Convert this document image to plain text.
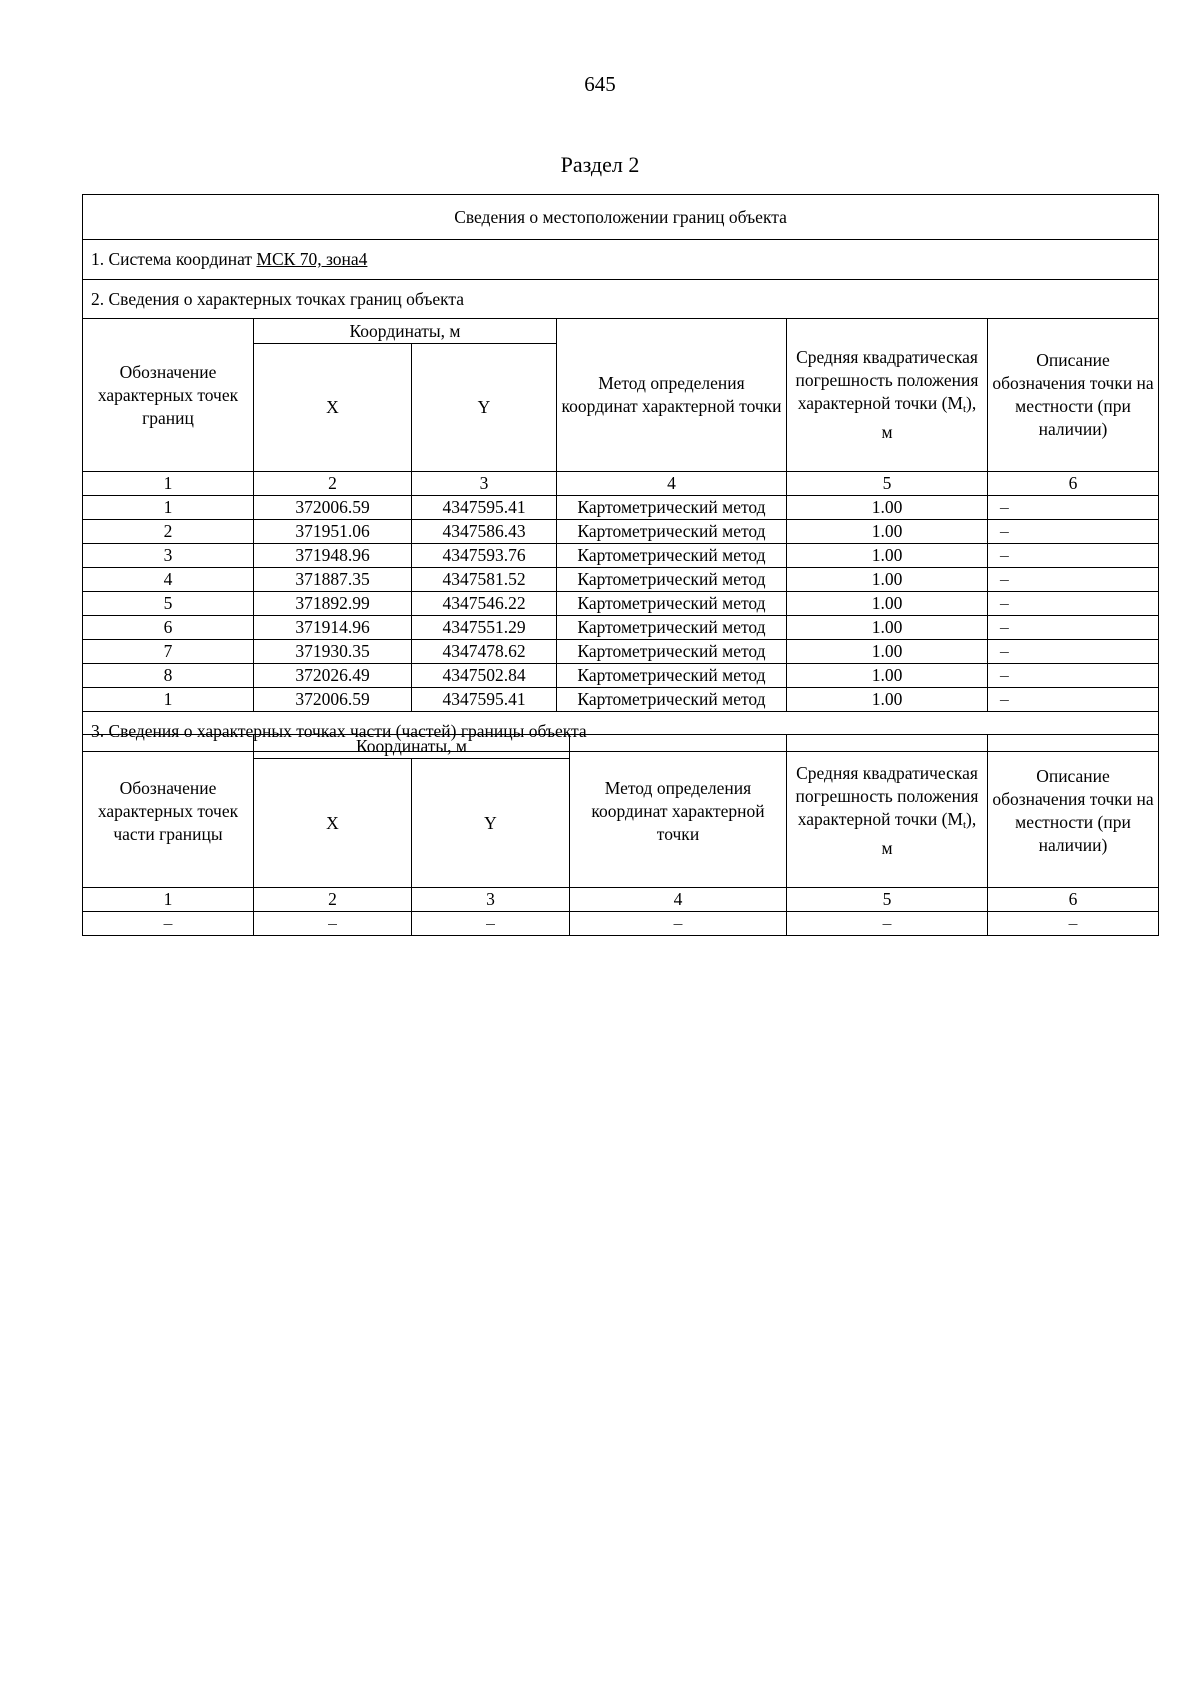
645
Раздел 2
Сведения о местоположении границ объекта					
1. Система координат МСК 70, зона4					
2. Сведения о характерных точках границ объекта					
Обозначение характерных точек границ	Координаты, м		Метод определения координат характерной точки	Средняя квадратическая погрешность положения характерной точки $(M_t)$, м	Описание обозначения точки на местности (при наличии)
	X	Y			
1	2	3	4	5	6
1	372006.59	4347595.41	Картометрический метод	1.00	–
2	371951.06	4347586.43	Картометрический метод	1.00	–
3	371948.96	4347593.76	Картометрический метод	1.00	–
4	371887.35	4347581.52	Картометрический метод	1.00	–
5	371892.99	4347546.22	Картометрический метод	1.00	–
6	371914.96	4347551.29	Картометрический метод	1.00	–
7	371930.35	4347478.62	Картометрический метод	1.00	–
8	372026.49	4347502.84	Картометрический метод	1.00	–
1	372006.59	4347595.41	Картометрический метод	1.00	–
3. Сведения о характерных точках части (частей) границы объекта					
Обозначение характерных точек части границы	Координаты, м		Метод определения координат характерной точки	Средняя квадратическая погрешность положения характерной точки $(M_t)$, м	Описание обозначения точки на местности (при наличии)
	X	Y			
1	2	3	4	5	6
–	–	–	–	–	–
